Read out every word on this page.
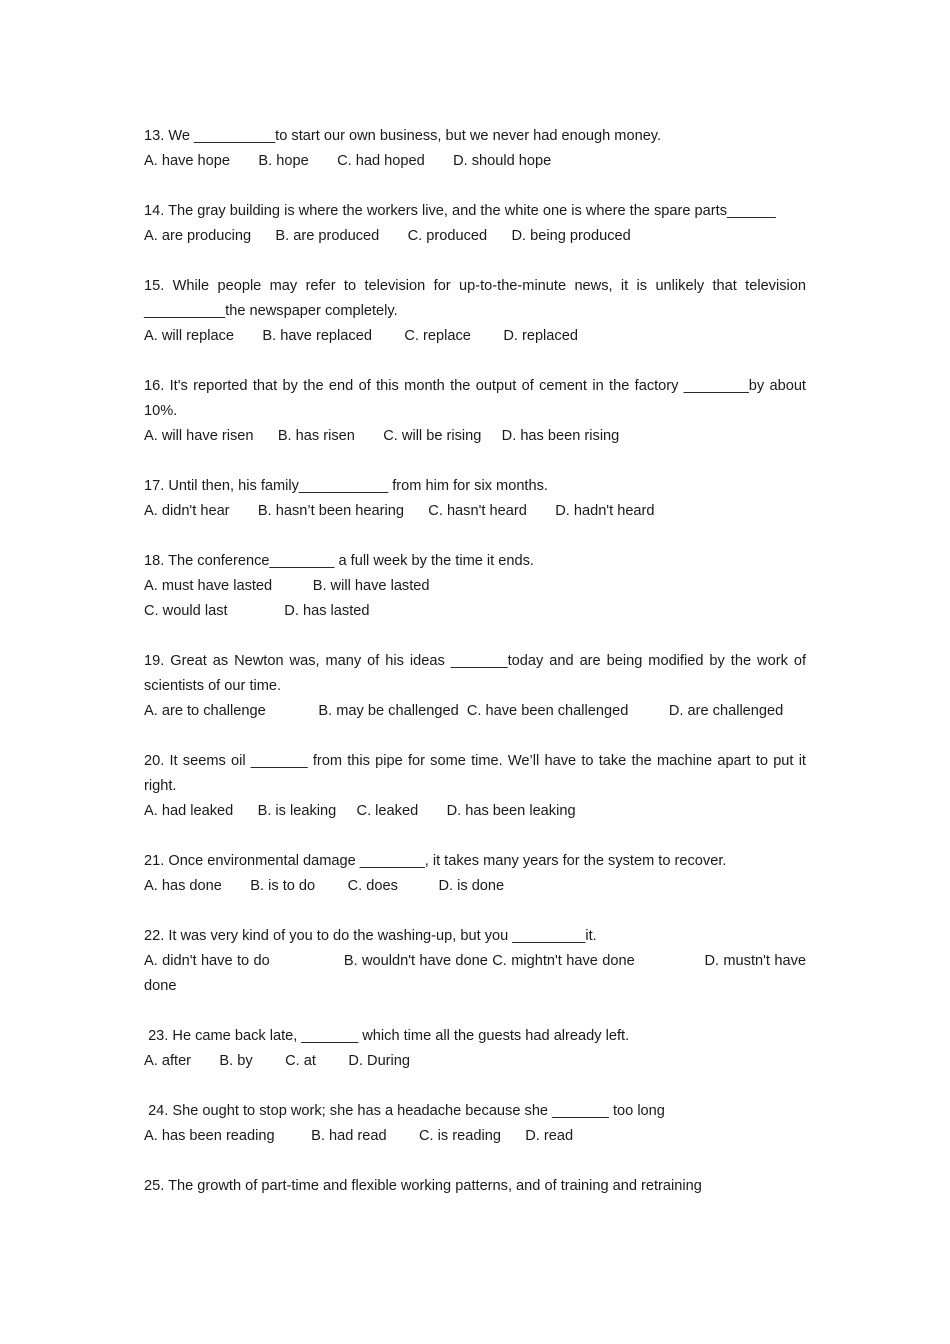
13. We __________to start our own business, but we never had enough money.
A. have hope       B. hope       C. had hoped       D. should hope
14. The gray building is where the workers live, and the white one is where the spare parts______
A. are producing      B. are produced       C. produced      D. being produced
15. While people may refer to television for up-to-the-minute news, it is unlikely that television __________the newspaper completely.
A. will replace       B. have replaced        C. replace        D. replaced
16. It's reported that by the end of this month the output of cement in the factory ________by about 10%.
A. will have risen      B. has risen       C. will be rising     D. has been rising
17. Until then, his family___________ from him for six months.
A. didn't hear       B. hasn’t been hearing      C. hasn't heard       D. hadn't heard
18. The conference________ a full week by the time it ends.
A. must have lasted          B. will have lasted
C. would last              D. has lasted
19. Great as Newton was, many of his ideas _______today and are being modified by the work of scientists of our time.
A. are to challenge             B. may be challenged  C. have been challenged          D. are challenged
20. It seems oil _______ from this pipe for some time. We’ll have to take the machine apart to put it right.
A. had leaked      B. is leaking     C. leaked       D. has been leaking
21. Once environmental damage ________, it takes many years for the system to recover.
A. has done       B. is to do        C. does          D. is done
22. It was very kind of you to do the washing-up, but you _________it.
A. didn't have to do                 B. wouldn't have done C. mightn't have done                D. mustn't have done
23. He came back late, _______ which time all the guests had already left.
A. after       B. by        C. at        D. During
24. She ought to stop work; she has a headache because she _______ too long
A. has been reading         B. had read        C. is reading      D. read
25. The growth of part-time and flexible working patterns, and of training and retraining
